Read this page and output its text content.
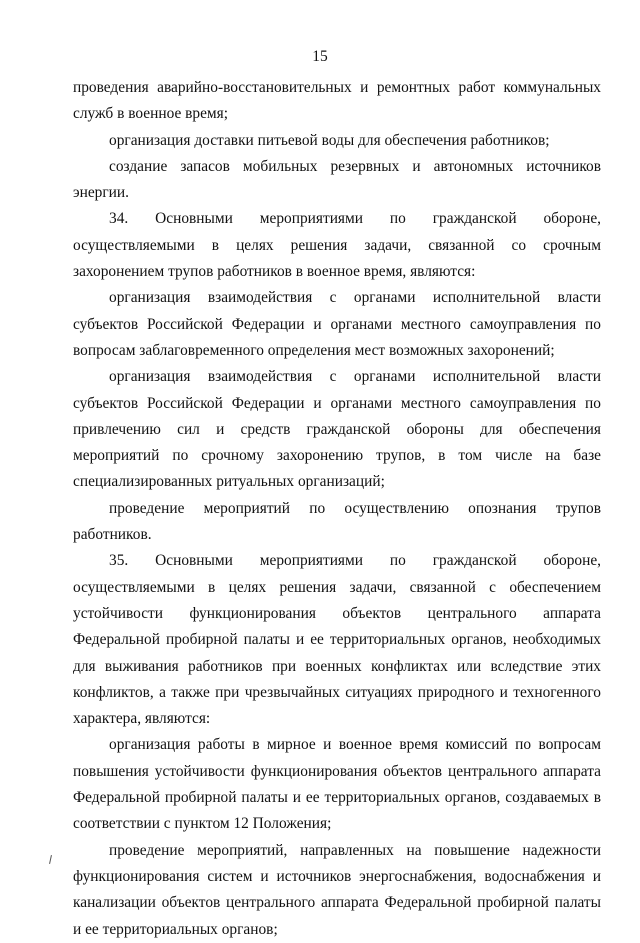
15

проведения аварийно-восстановительных и ремонтных работ коммунальных служб в военное время;

организация доставки питьевой воды для обеспечения работников;

создание запасов мобильных резервных и автономных источников энергии.

34. Основными мероприятиями по гражданской обороне, осуществляемыми в целях решения задачи, связанной со срочным захоронением трупов работников в военное время, являются:

организация взаимодействия с органами исполнительной власти субъектов Российской Федерации и органами местного самоуправления по вопросам заблаговременного определения мест возможных захоронений;

организация взаимодействия с органами исполнительной власти субъектов Российской Федерации и органами местного самоуправления по привлечению сил и средств гражданской обороны для обеспечения мероприятий по срочному захоронению трупов, в том числе на базе специализированных ритуальных организаций;

проведение мероприятий по осуществлению опознания трупов работников.

35. Основными мероприятиями по гражданской обороне, осуществляемыми в целях решения задачи, связанной с обеспечением устойчивости функционирования объектов центрального аппарата Федеральной пробирной палаты и ее территориальных органов, необходимых для выживания работников при военных конфликтах или вследствие этих конфликтов, а также при чрезвычайных ситуациях природного и техногенного характера, являются:

организация работы в мирное и военное время комиссий по вопросам повышения устойчивости функционирования объектов центрального аппарата Федеральной пробирной палаты и ее территориальных органов, создаваемых в соответствии с пунктом 12 Положения;

проведение мероприятий, направленных на повышение надежности функционирования систем и источников энергоснабжения, водоснабжения и канализации объектов центрального аппарата Федеральной пробирной палаты и ее территориальных органов;
